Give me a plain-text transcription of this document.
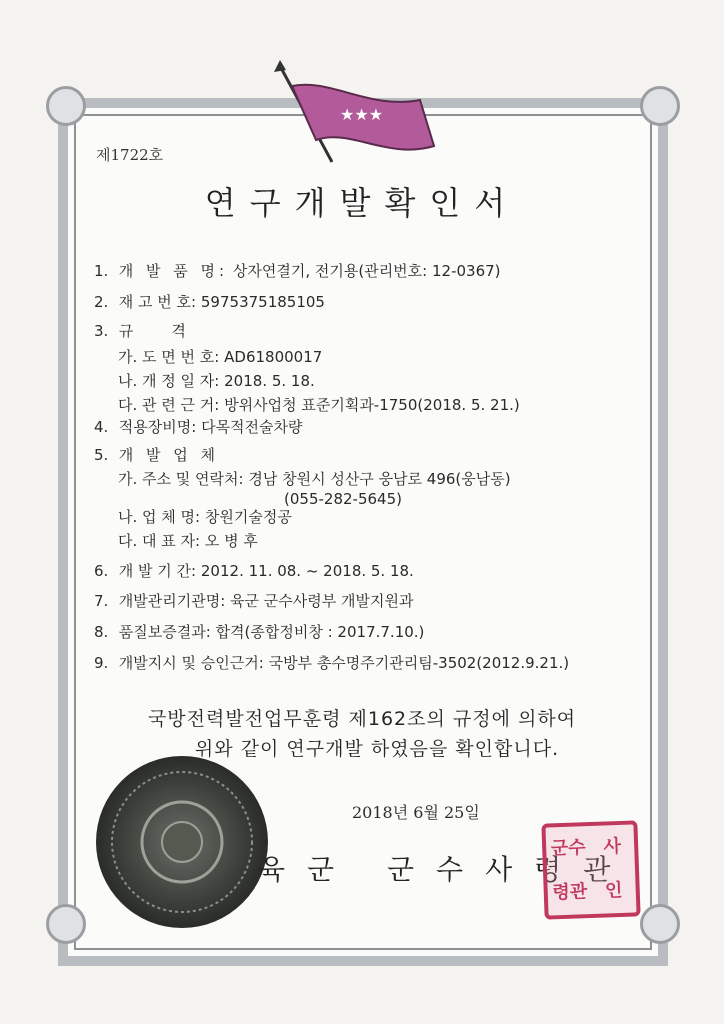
★★★
제1722호
연구개발확인서
1. 개 발 품 명: 상자연결기, 전기용(관리번호: 12-0367)
2. 재 고 번 호: 5975375185105
3. 규        격
가. 도 면 번 호: AD61800017
나. 개 정 일 자: 2018. 5. 18.
다. 관 련 근 거: 방위사업청 표준기획과-1750(2018. 5. 21.)
4. 적용장비명: 다목적전술차량
5. 개 발 업 체
가. 주소 및 연락처: 경남 창원시 성산구 웅남로 496(웅남동)
(055-282-5645)
나. 업 체 명: 창원기술정공
다. 대 표 자: 오 병 후
6. 개 발 기 간: 2012. 11. 08. ~ 2018. 5. 18.
7. 개발관리기관명: 육군 군수사령부 개발지원과
8. 품질보증결과: 합격(종합정비창 : 2017.7.10.)
9. 개발지시 및 승인근거: 국방부 총수명주기관리팀-3502(2012.9.21.)
국방전력발전업무훈령 제162조의 규정에 의하여
위와 같이 연구개발 하였음을 확인합니다.
2018년 6월 25일
육군 군수사령관
군수 사
령관 인
